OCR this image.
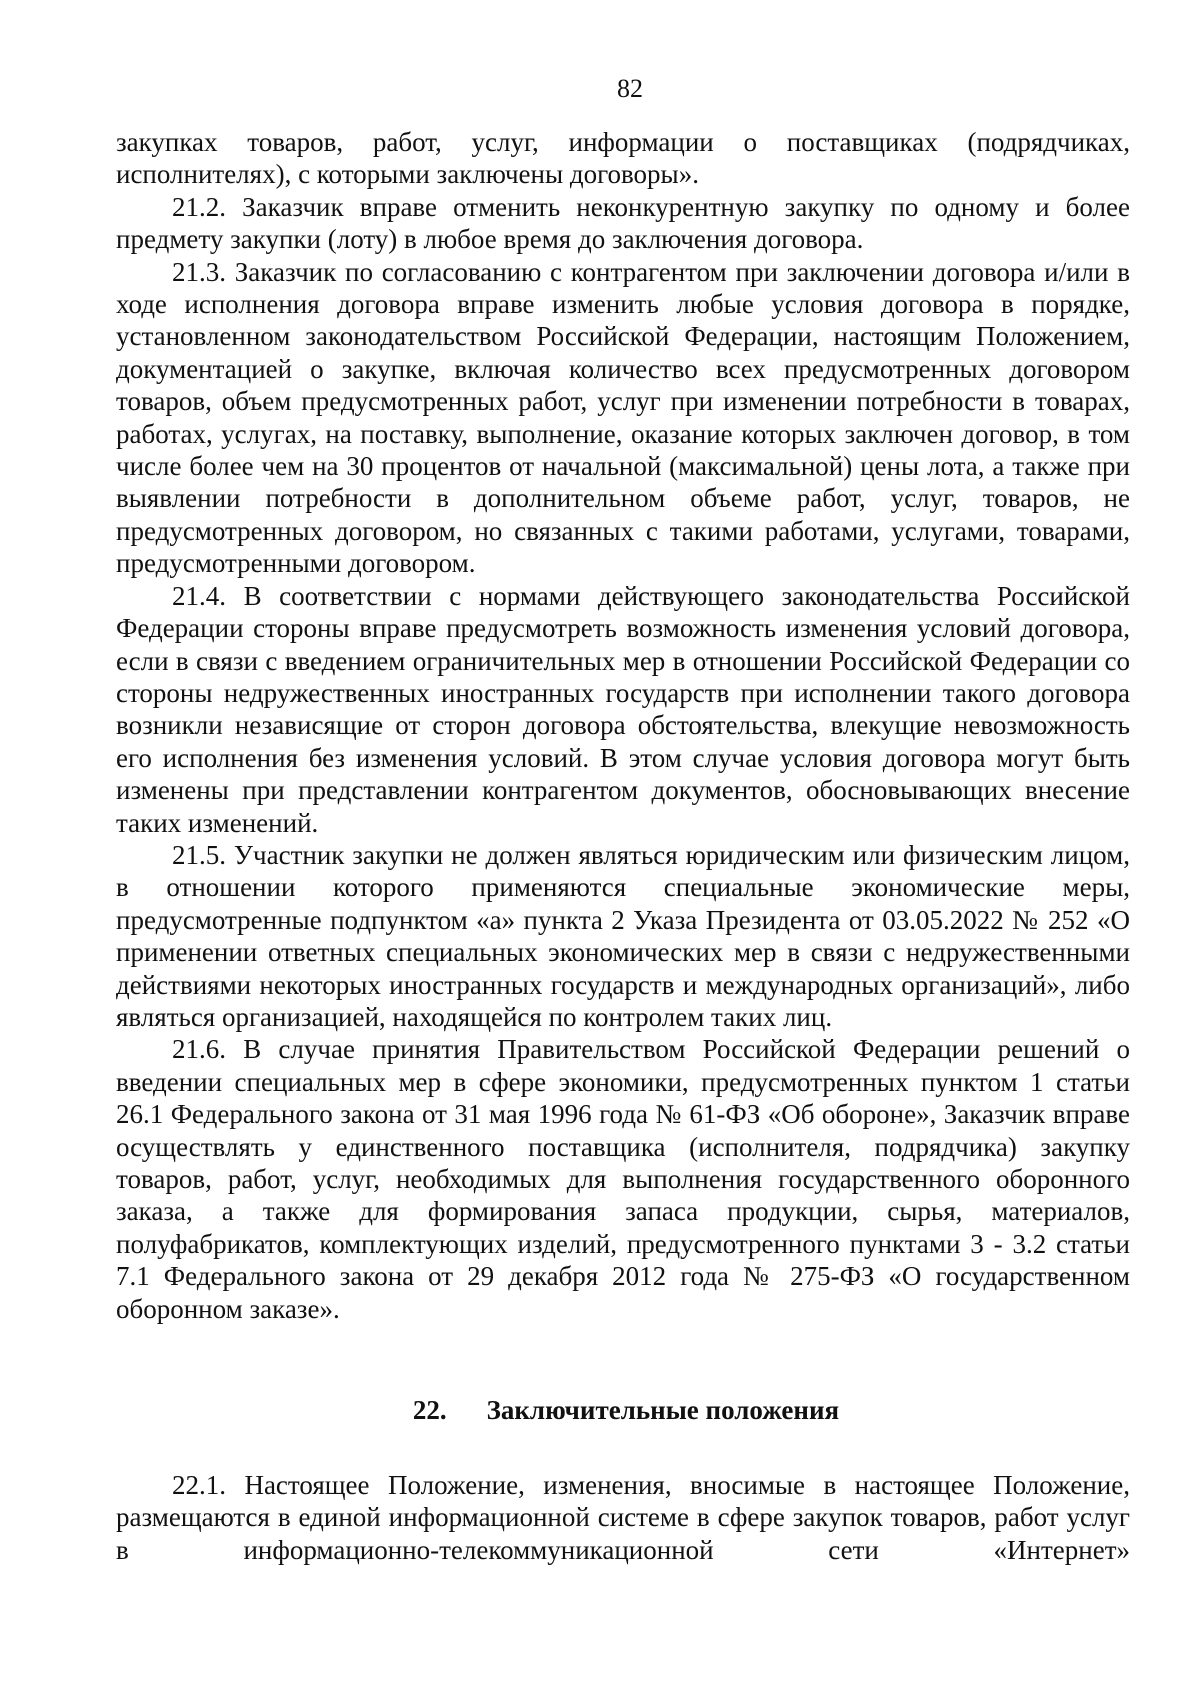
82

закупках товаров, работ, услуг, информации о поставщиках (подрядчиках, исполнителях), с которыми заключены договоры».

21.2. Заказчик вправе отменить неконкурентную закупку по одному и более предмету закупки (лоту) в любое время до заключения договора.

21.3. Заказчик по согласованию с контрагентом при заключении договора и/или в ходе исполнения договора вправе изменить любые условия договора в порядке, установленном законодательством Российской Федерации, настоящим Положением, документацией о закупке, включая количество всех предусмотренных договором товаров, объем предусмотренных работ, услуг при изменении потребности в товарах, работах, услугах, на поставку, выполнение, оказание которых заключен договор, в том числе более чем на 30 процентов от начальной (максимальной) цены лота, а также при выявлении потребности в дополнительном объеме работ, услуг, товаров, не предусмотренных договором, но связанных с такими работами, услугами, товарами, предусмотренными договором.

21.4. В соответствии с нормами действующего законодательства Российской Федерации стороны вправе предусмотреть возможность изменения условий договора, если в связи с введением ограничительных мер в отношении Российской Федерации со стороны недружественных иностранных государств при исполнении такого договора возникли независящие от сторон договора обстоятельства, влекущие невозможность его исполнения без изменения условий. В этом случае условия договора могут быть изменены при представлении контрагентом документов, обосновывающих внесение таких изменений.

21.5. Участник закупки не должен являться юридическим или физическим лицом, в отношении которого применяются специальные экономические меры, предусмотренные подпунктом «а» пункта 2 Указа Президента от 03.05.2022 № 252 «О применении ответных специальных экономических мер в связи с недружественными действиями некоторых иностранных государств и международных организаций», либо являться организацией, находящейся по контролем таких лиц.

21.6. В случае принятия Правительством Российской Федерации решений о введении специальных мер в сфере экономики, предусмотренных пунктом 1 статьи 26.1 Федерального закона от 31 мая 1996 года № 61-ФЗ «Об обороне», Заказчик вправе осуществлять у единственного поставщика (исполнителя, подрядчика) закупку товаров, работ, услуг, необходимых для выполнения государственного оборонного заказа, а также для формирования запаса продукции, сырья, материалов, полуфабрикатов, комплектующих изделий, предусмотренного пунктами 3 - 3.2 статьи 7.1 Федерального закона от 29 декабря 2012 года № 275-ФЗ «О государственном оборонном заказе».

22. Заключительные положения

22.1. Настоящее Положение, изменения, вносимые в настоящее Положение, размещаются в единой информационной системе в сфере закупок товаров, работ услуг в информационно-телекоммуникационной сети «Интернет»
